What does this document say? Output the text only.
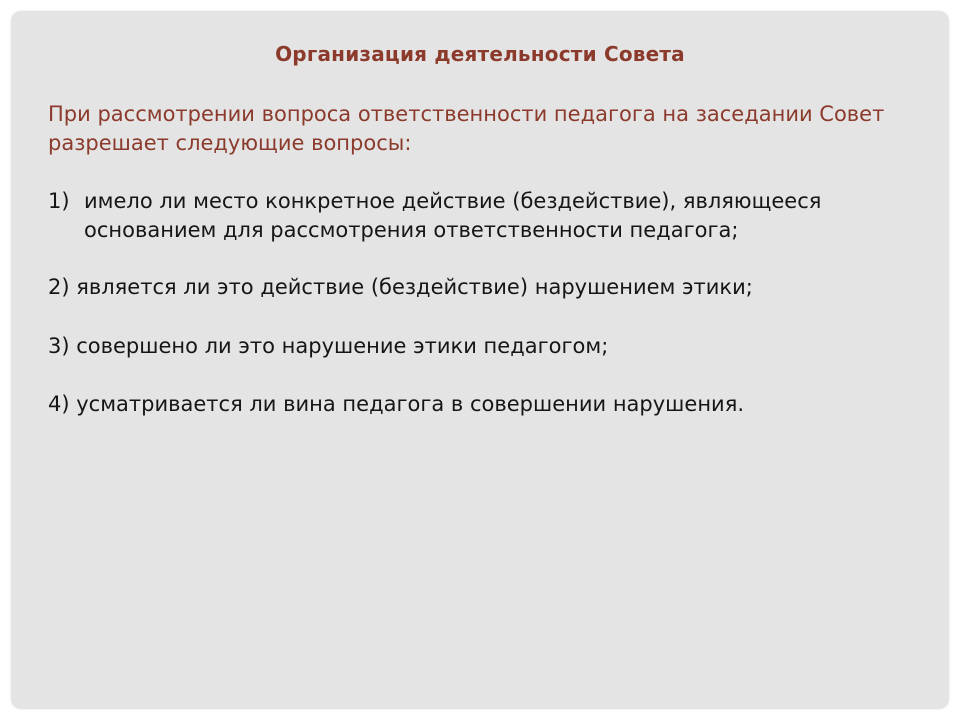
Организация деятельности Совета
При рассмотрении вопроса ответственности педагога на заседании Совет разрешает следующие вопросы:
1) имело ли место конкретное действие (бездействие), являющееся основанием для рассмотрения ответственности педагога;
2) является ли это действие (бездействие) нарушением этики;
3) совершено ли это нарушение этики педагогом;
4) усматривается ли вина педагога в совершении нарушения.
